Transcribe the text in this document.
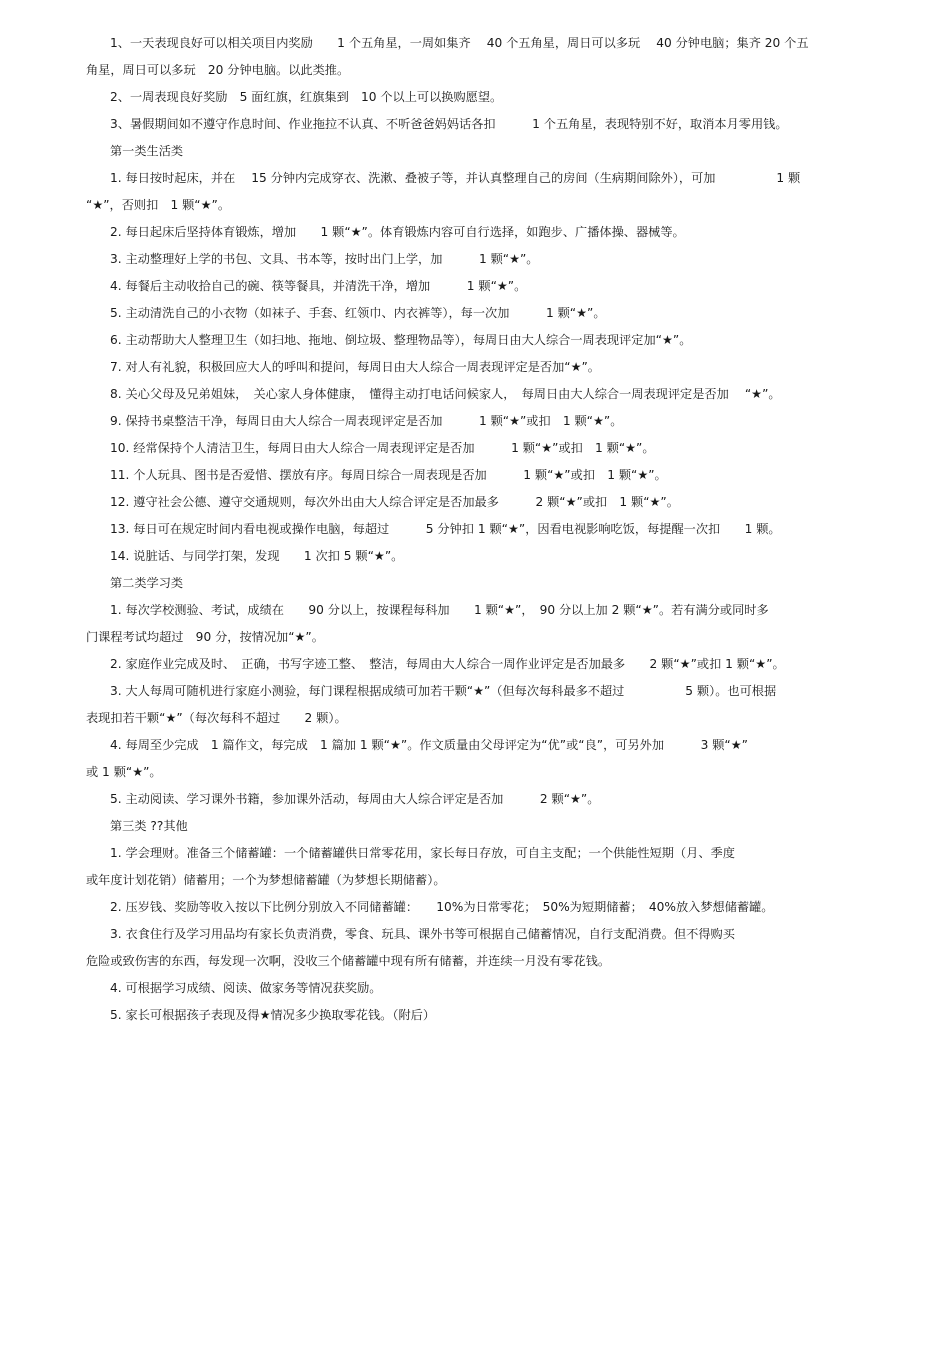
1、一天表现良好可以相关项目内奖励　　1 个五角星，一周如集齐　 40 个五角星，周日可以多玩　 40 分钟电脑；集齐 20 个五
角星，周日可以多玩　20 分钟电脑。以此类推。
2、一周表现良好奖励　5 面红旗，红旗集到　10 个以上可以换购愿望。
3、暑假期间如不遵守作息时间、作业拖拉不认真、不听爸爸妈妈话各扣　　　1 个五角星，表现特别不好，取消本月零用钱。
第一类生活类
1. 每日按时起床，并在　 15 分钟内完成穿衣、洗漱、叠被子等，并认真整理自己的房间（生病期间除外），可加　　　　　1 颗
“★”，否则扣　1 颗“★”。
2. 每日起床后坚持体育锻炼，增加　　1 颗“★”。体育锻炼内容可自行选择，如跑步、广播体操、器械等。
3. 主动整理好上学的书包、文具、书本等，按时出门上学，加　　　1 颗“★”。
4. 每餐后主动收拾自己的碗、筷等餐具，并清洗干净，增加　　　1 颗“★”。
5. 主动清洗自己的小衣物（如袜子、手套、红领巾、内衣裤等），每一次加　　　1 颗“★”。
6. 主动帮助大人整理卫生（如扫地、拖地、倒垃圾、整理物品等），每周日由大人综合一周表现评定加“★”。
7. 对人有礼貌，积极回应大人的呼叫和提问，每周日由大人综合一周表现评定是否加“★”。
8. 关心父母及兄弟姐妹，　关心家人身体健康，　懂得主动打电话问候家人，　每周日由大人综合一周表现评定是否加　 “★”。
9. 保持书桌整洁干净，每周日由大人综合一周表现评定是否加　　　1 颗“★”或扣　1 颗“★”。
10. 经常保持个人清洁卫生，每周日由大人综合一周表现评定是否加　　　1 颗“★”或扣　1 颗“★”。
11. 个人玩具、图书是否爱惜、摆放有序。每周日综合一周表现是否加　　　1 颗“★”或扣　1 颗“★”。
12. 遵守社会公德、遵守交通规则，每次外出由大人综合评定是否加最多　　　2 颗“★”或扣　1 颗“★”。
13. 每日可在规定时间内看电视或操作电脑，每超过　　　5 分钟扣 1 颗“★”，因看电视影响吃饭，每提醒一次扣　　1 颗。
14. 说脏话、与同学打架，发现　　1 次扣 5 颗“★”。
第二类学习类
1. 每次学校测验、考试，成绩在　　90 分以上，按课程每科加　　1 颗“★”，　90 分以上加 2 颗“★”。若有满分或同时多
门课程考试均超过　90 分，按情况加“★”。
2. 家庭作业完成及时、　正确，书写字迹工整、　整洁，每周由大人综合一周作业评定是否加最多　　2 颗“★”或扣 1 颗“★”。
3. 大人每周可随机进行家庭小测验，每门课程根据成绩可加若干颗“★”（但每次每科最多不超过　　　　　5 颗）。也可根据
表现扣若干颗“★”（每次每科不超过　　2 颗）。
4. 每周至少完成　1 篇作文，每完成　1 篇加 1 颗“★”。作文质量由父母评定为“优”或“良”，可另外加　　　3 颗“★”
或 1 颗“★”。
5. 主动阅读、学习课外书籍，参加课外活动，每周由大人综合评定是否加　　　2 颗“★”。
第三类 ??其他
1. 学会理财。准备三个储蓄罐：一个储蓄罐供日常零花用，家长每日存放，可自主支配；一个供能性短期（月、季度
或年度计划花销）储蓄用；一个为梦想储蓄罐（为梦想长期储蓄）。
2. 压岁钱、奖励等收入按以下比例分别放入不同储蓄罐：　　10%为日常零花；　50%为短期储蓄；　40%放入梦想储蓄罐。
3. 衣食住行及学习用品均有家长负责消费，零食、玩具、课外书等可根据自己储蓄情况，自行支配消费。但不得购买
危险或致伤害的东西，每发现一次啊，没收三个储蓄罐中现有所有储蓄，并连续一月没有零花钱。
4. 可根据学习成绩、阅读、做家务等情况获奖励。
5. 家长可根据孩子表现及得★情况多少换取零花钱。（附后）
